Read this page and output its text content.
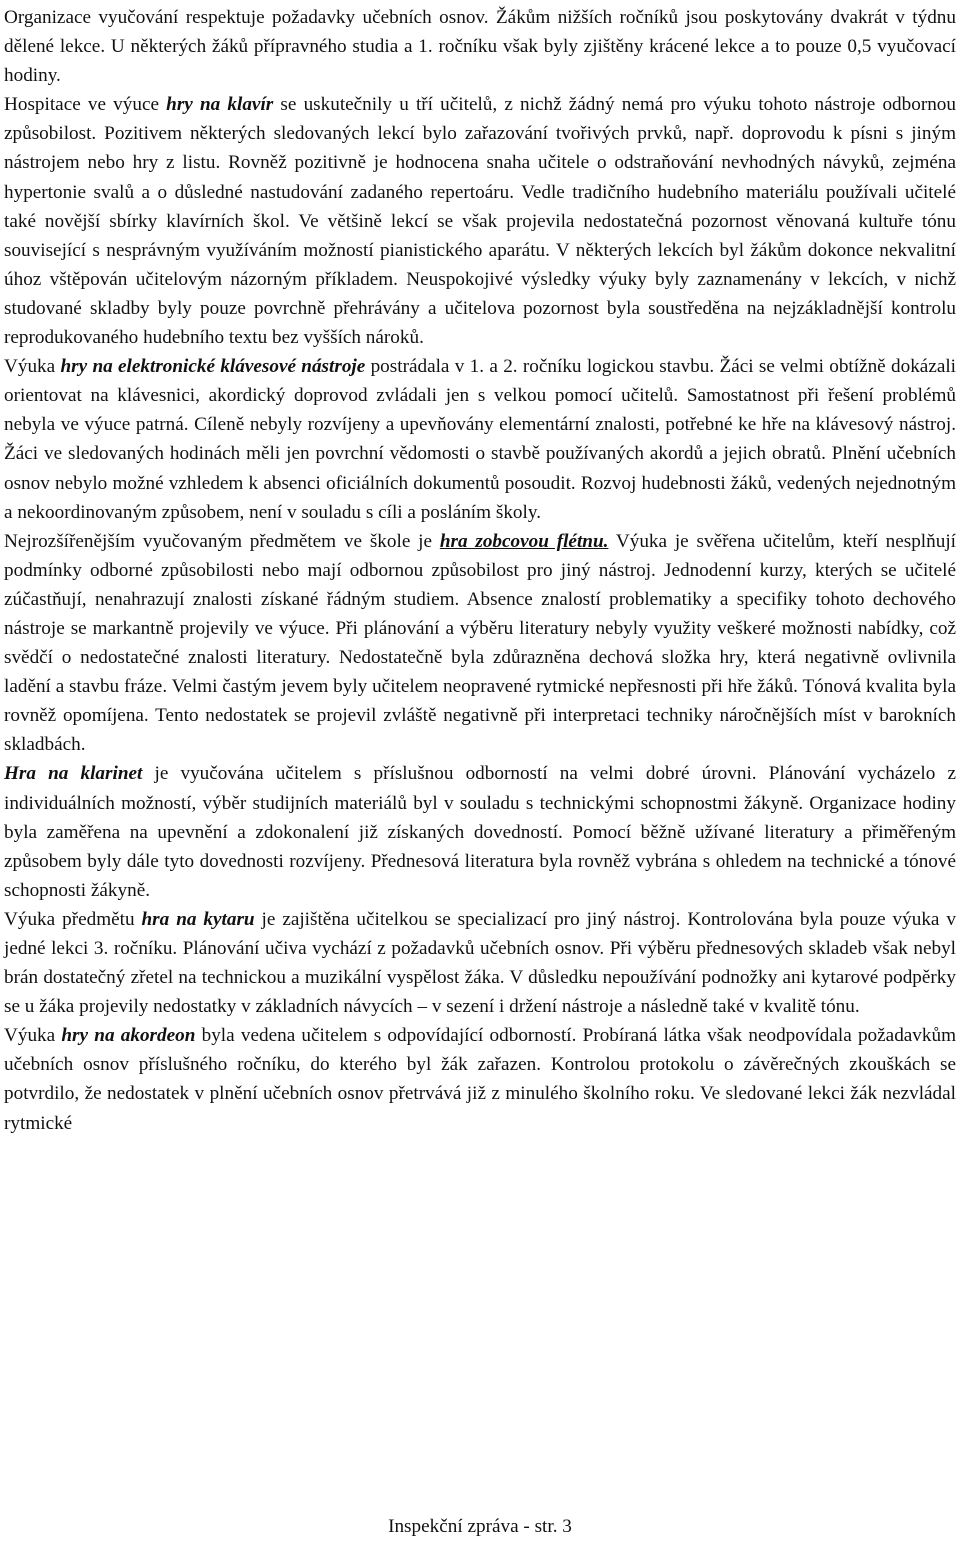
Organizace vyučování respektuje požadavky učebních osnov. Žákům nižších ročníků jsou poskytovány dvakrát v týdnu dělené lekce. U některých žáků přípravného studia a 1. ročníku však byly zjištěny krácené lekce a to pouze 0,5 vyučovací hodiny.

Hospitace ve výuce hry na klavír se uskutečnily u tří učitelů, z nichž žádný nemá pro výuku tohoto nástroje odbornou způsobilost. Pozitivem některých sledovaných lekcí bylo zařazování tvořivých prvků, např. doprovodu k písni s jiným nástrojem nebo hry z listu. Rovněž pozitivně je hodnocena snaha učitele o odstraňování nevhodných návyků, zejména hypertonie svalů a o důsledné nastudování zadaného repertoáru. Vedle tradičního hudebního materiálu používali učitelé také novější sbírky klavírních škol. Ve většině lekcí se však projevila nedostatečná pozornost věnovaná kultuře tónu související s nesprávným využíváním možností pianistického aparátu. V některých lekcích byl žákům dokonce nekvalitní úhoz vštěpován učitelovým názorným příkladem. Neuspokojivé výsledky výuky byly zaznamenány v lekcích, v nichž studované skladby byly pouze povrchně přehrávány a učitelova pozornost byla soustředěna na nejzákladnější kontrolu reprodukovaného hudebního textu bez vyšších nároků.

Výuka hry na elektronické klávesové nástroje postrádala v 1. a 2. ročníku logickou stavbu. Žáci se velmi obtížně dokázali orientovat na klávesnici, akordický doprovod zvládali jen s velkou pomocí učitelů. Samostatnost při řešení problémů nebyla ve výuce patrná. Cíleně nebyly rozvíjeny a upevňovány elementární znalosti, potřebné ke hře na klávesový nástroj. Žáci ve sledovaných hodinách měli jen povrchní vědomosti o stavbě používaných akordů a jejich obratů. Plnění učebních osnov nebylo možné vzhledem k absenci oficiálních dokumentů posoudit. Rozvoj hudebnosti žáků, vedených nejednotným a nekoordinovaným způsobem, není v souladu s cíli a posláním školy.

Nejrozšířenějším vyučovaným předmětem ve škole je hra zobcovou flétnu. Výuka je svěřena učitelům, kteří nesplňují podmínky odborné způsobilosti nebo mají odbornou způsobilost pro jiný nástroj. Jednodenní kurzy, kterých se učitelé zúčastňují, nenahrazují znalosti získané řádným studiem. Absence znalostí problematiky a specifiky tohoto dechového nástroje se markantně projevily ve výuce. Při plánování a výběru literatury nebyly využity veškeré možnosti nabídky, což svědčí o nedostatečné znalosti literatury. Nedostatečně byla zdůrazněna dechová složka hry, která negativně ovlivnila ladění a stavbu fráze. Velmi častým jevem byly učitelem neopravené rytmické nepřesnosti při hře žáků. Tónová kvalita byla rovněž opomíjena. Tento nedostatek se projevil zvláště negativně při interpretaci techniky náročnějších míst v barokních skladbách.

Hra na klarinet je vyučována učitelem s příslušnou odborností na velmi dobré úrovni. Plánování vycházelo z individuálních možností, výběr studijních materiálů byl v souladu s technickými schopnostmi žákyně. Organizace hodiny byla zaměřena na upevnění a zdokonalení již získaných dovedností. Pomocí běžně užívané literatury a přiměřeným způsobem byly dále tyto dovednosti rozvíjeny. Přednesová literatura byla rovněž vybrána s ohledem na technické a tónové schopnosti žákyně.

Výuka předmětu hra na kytaru je zajištěna učitelkou se specializací pro jiný nástroj. Kontrolována byla pouze výuka v jedné lekci 3. ročníku. Plánování učiva vychází z požadavků učebních osnov. Při výběru přednesových skladeb však nebyl brán dostatečný zřetel na technickou a muzikální vyspělost žáka. V důsledku nepoužívání podnožky ani kytarové podpěrky se u žáka projevily nedostatky v základních návycích – v sezení i držení nástroje a následně také v kvalitě tónu.

Výuka hry na akordeon byla vedena učitelem s odpovídající odborností. Probíraná látka však neodpovídala požadavkům učebních osnov příslušného ročníku, do kterého byl žák zařazen. Kontrolou protokolu o závěrečných zkouškách se potvrdilo, že nedostatek v plnění učebních osnov přetrvává již z minulého školního roku. Ve sledované lekci žák nezvládal rytmické

Inspekční zpráva - str. 3
